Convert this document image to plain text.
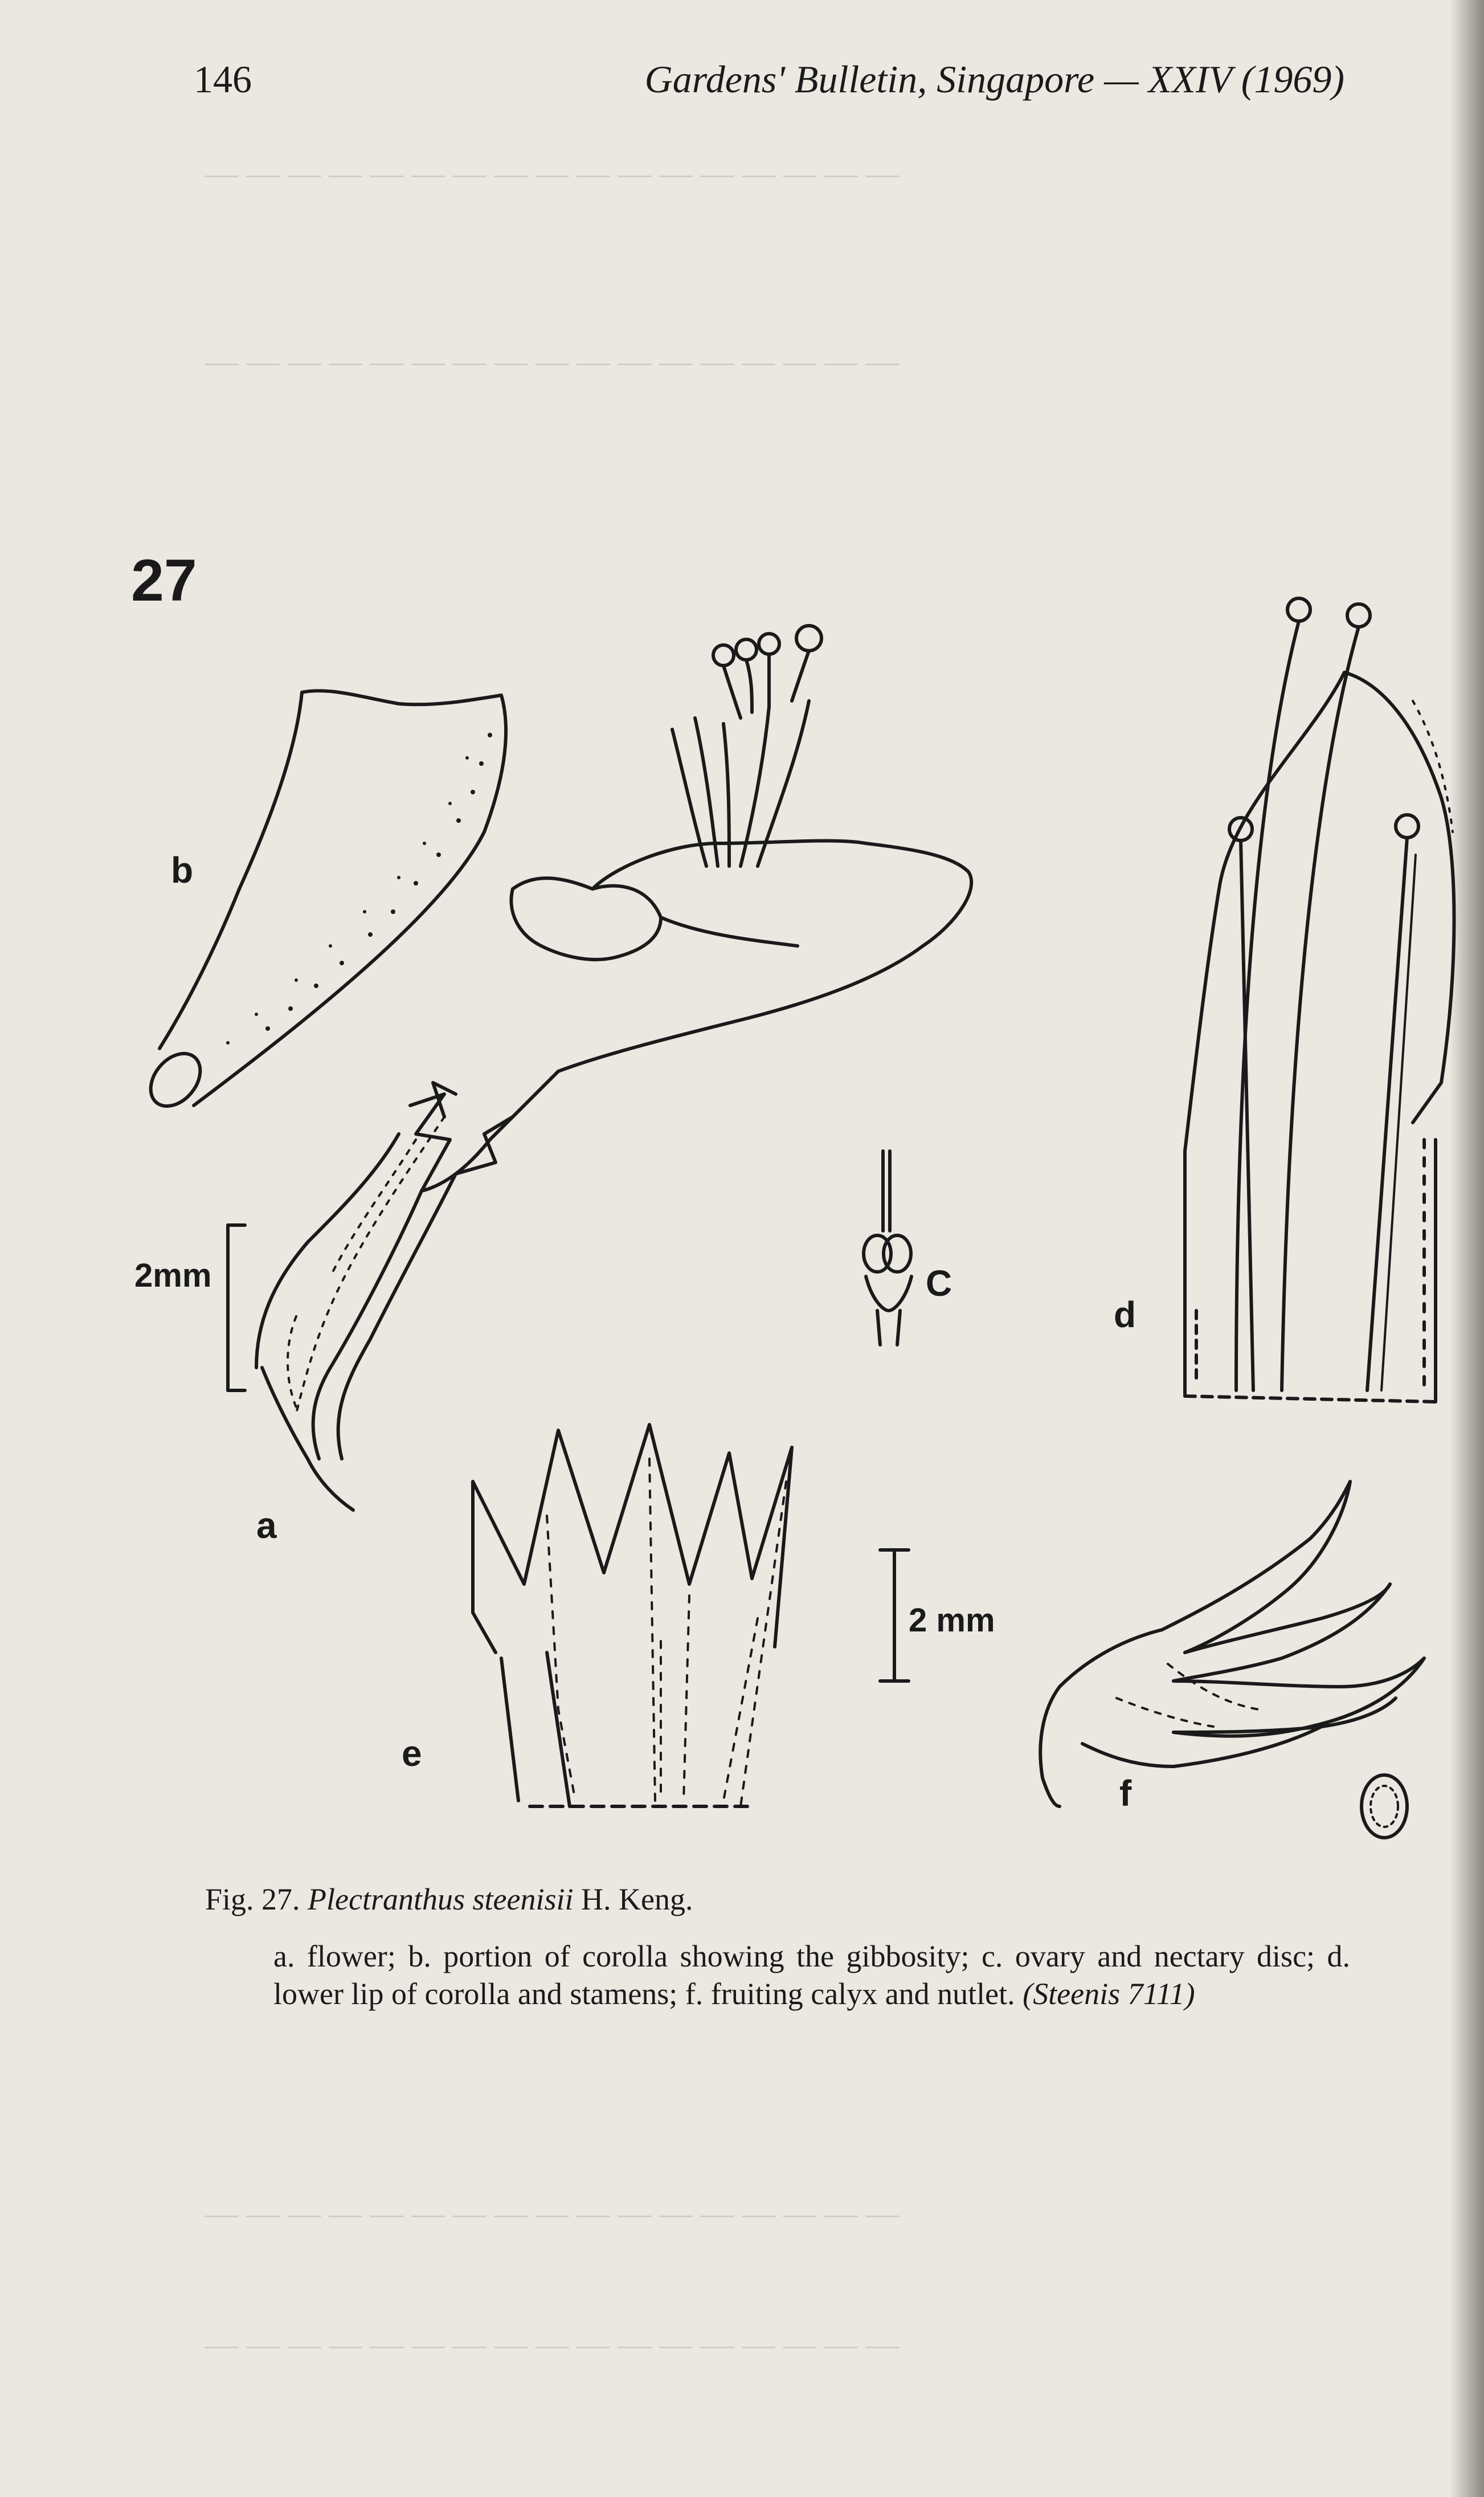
— — — — — — — — — — — — — — — — —
— — — — — — — — — — — — — — — — —
— — — — — — — — — — — — — — — — —
— — — — — — — — — — — — — — — — —
146	Gardens' Bulletin, Singapore — XXIV (1969)
27
b
a
C
d
e
f
2mm
2 mm
Fig. 27. Plectranthus steenisii H. Keng.
a. flower; b. portion of corolla showing the gibbosity; c. ovary and nectary disc; d. lower lip of corolla and stamens; f. fruiting calyx and nutlet. (Steenis 7111)
